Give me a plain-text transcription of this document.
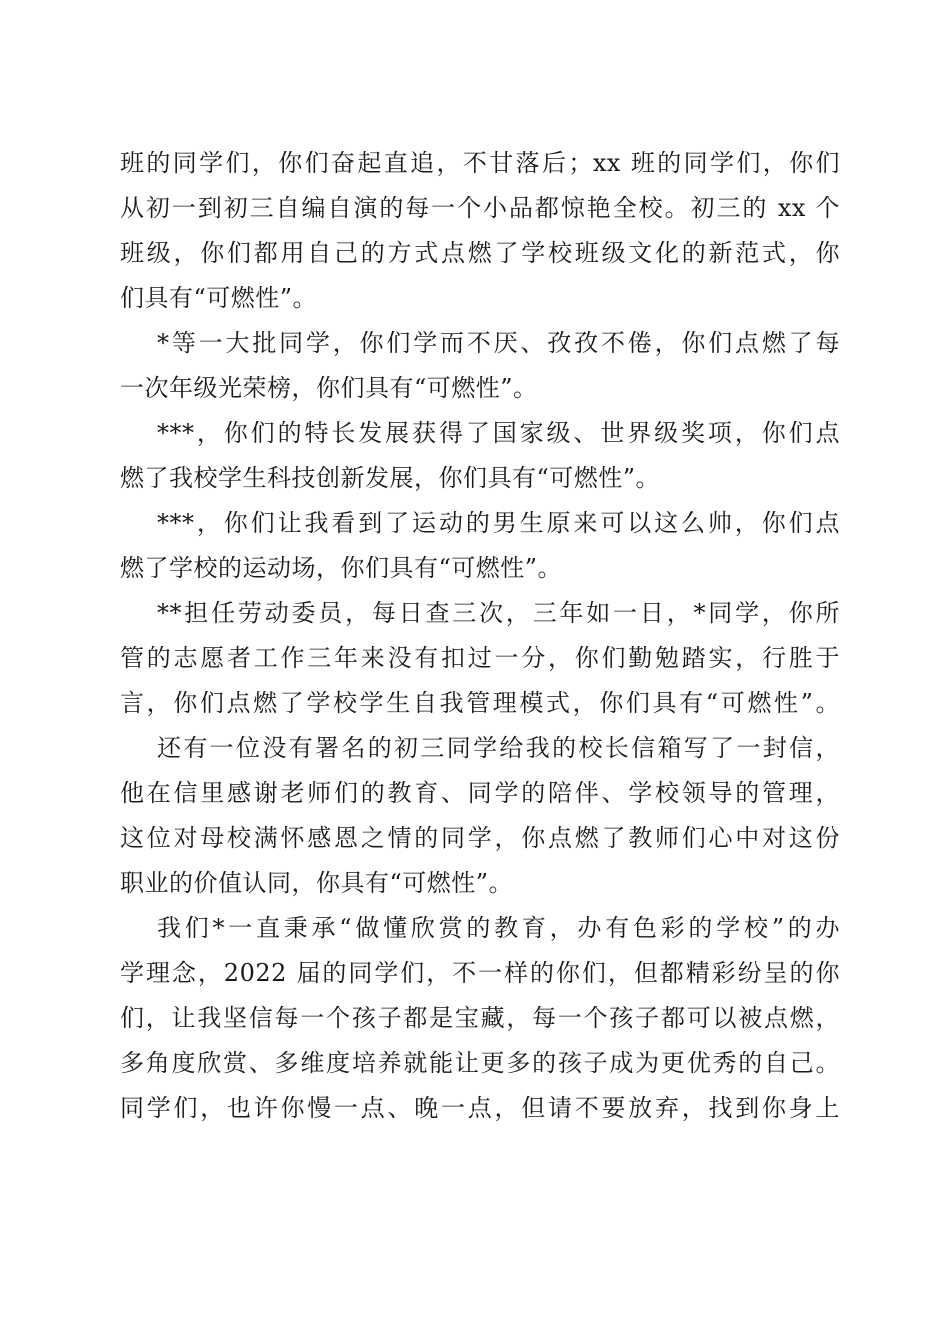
班的同学们，你们奋起直追，不甘落后；xx 班的同学们，你们
从初一到初三自编自演的每一个小品都惊艳全校。初三的 xx 个
班级，你们都用自己的方式点燃了学校班级文化的新范式，你
们具有“可燃性”。
*等一大批同学，你们学而不厌、孜孜不倦，你们点燃了每
一次年级光荣榜，你们具有“可燃性”。
***，你们的特长发展获得了国家级、世界级奖项，你们点
燃了我校学生科技创新发展，你们具有“可燃性”。
***，你们让我看到了运动的男生原来可以这么帅，你们点
燃了学校的运动场，你们具有“可燃性”。
**担任劳动委员，每日查三次，三年如一日，*同学，你所
管的志愿者工作三年来没有扣过一分，你们勤勉踏实，行胜于
言，你们点燃了学校学生自我管理模式，你们具有“可燃性”。
还有一位没有署名的初三同学给我的校长信箱写了一封信，
他在信里感谢老师们的教育、同学的陪伴、学校领导的管理，
这位对母校满怀感恩之情的同学，你点燃了教师们心中对这份
职业的价值认同，你具有“可燃性”。
我们*一直秉承“做懂欣赏的教育，办有色彩的学校”的办
学理念，2022 届的同学们，不一样的你们，但都精彩纷呈的你
们，让我坚信每一个孩子都是宝藏，每一个孩子都可以被点燃，
多角度欣赏、多维度培养就能让更多的孩子成为更优秀的自己。
同学们，也许你慢一点、晚一点，但请不要放弃，找到你身上
